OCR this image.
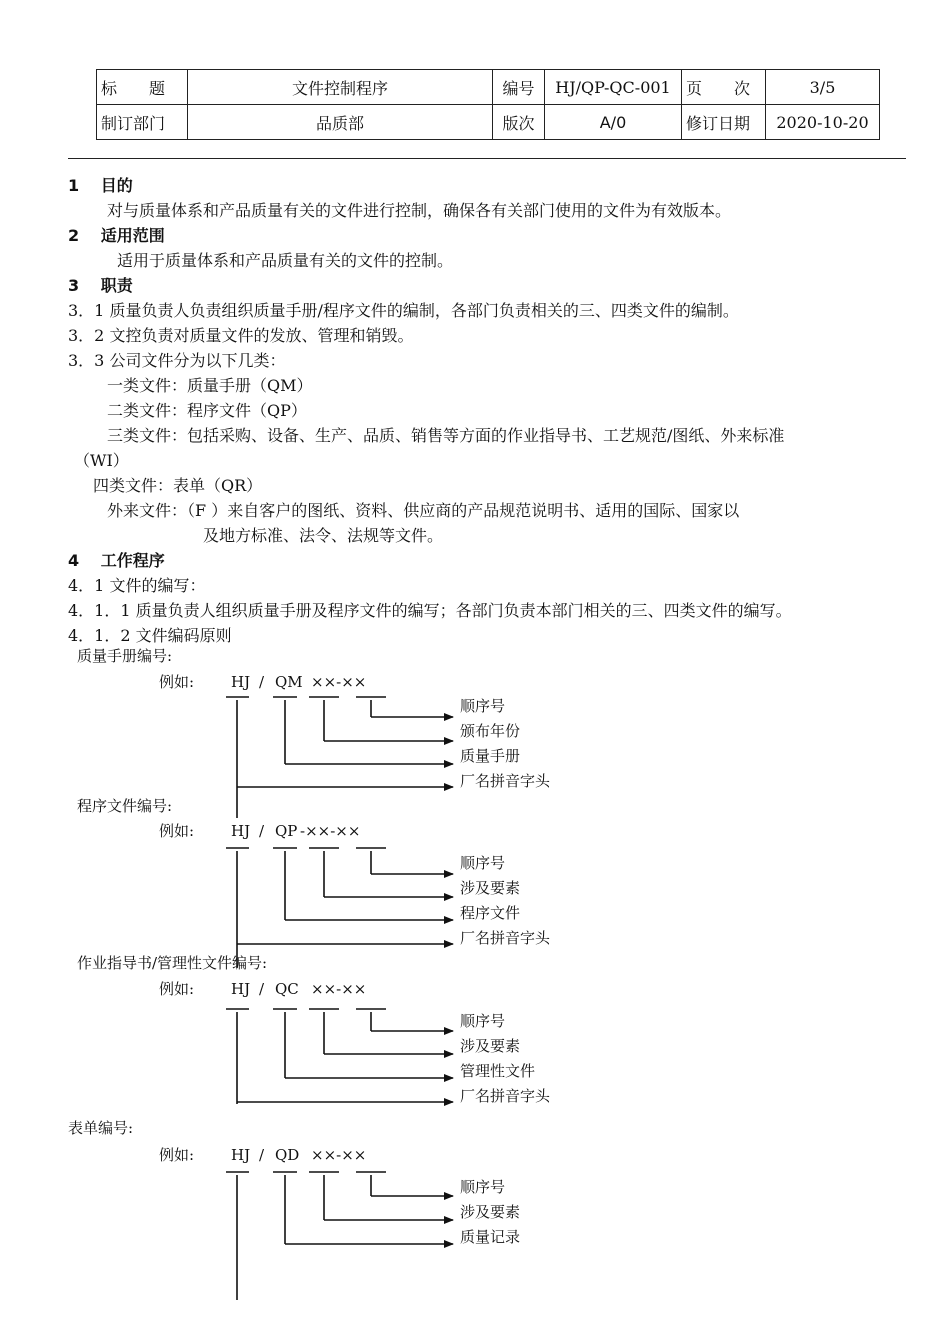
标　　题	文件控制程序	编号	HJ/QP-QC-001	页　　次	3/5
制订部门	品质部	版次	A/0	修订日期	2020-10-20
1 目的
对与质量体系和产品质量有关的文件进行控制，确保各有关部门使用的文件为有效版本。
2 适用范围
适用于质量体系和产品质量有关的文件的控制。
3 职责
3．1 质量负责人负责组织质量手册/程序文件的编制，各部门负责相关的三、四类文件的编制。
3．2 文控负责对质量文件的发放、管理和销毁。
3．3 公司文件分为以下几类：
一类文件：质量手册（QM）
二类文件：程序文件（QP）
三类文件：包括采购、设备、生产、品质、销售等方面的作业指导书、工艺规范/图纸、外来标准
（WI）
四类文件：表单（QR）
外来文件：（F ）来自客户的图纸、资料、供应商的产品规范说明书、适用的国际、国家以
及地方标准、法令、法规等文件。
4 工作程序
4．1 文件的编写：
4．1．1 质量负责人组织质量手册及程序文件的编写；各部门负责本部门相关的三、四类文件的编写。
4．1．2 文件编码原则
质量手册编号:
例如: HJ / QM ××-××
顺序号
颁布年份
质量手册
厂名拼音字头
程序文件编号:
例如: HJ / QP -××-××
顺序号
涉及要素
程序文件
厂名拼音字头
作业指导书/管理性文件编号:
例如: HJ / QC ××-××
顺序号
涉及要素
管理性文件
厂名拼音字头
表单编号:
例如: HJ / QD ××-××
顺序号
涉及要素
质量记录
